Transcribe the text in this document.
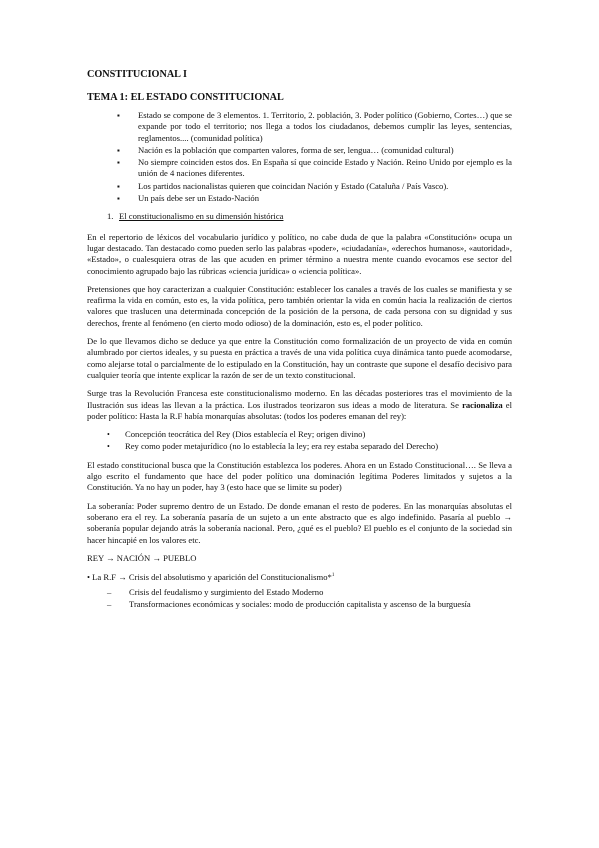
CONSTITUCIONAL I
TEMA 1: EL ESTADO CONSTITUCIONAL
▪ Estado se compone de 3 elementos. 1. Territorio, 2. población, 3. Poder político (Gobierno, Cortes…) que se expande por todo el territorio; nos llega a todos los ciudadanos, debemos cumplir las leyes, sentencias, reglamentos.... (comunidad política)
▪ Nación es la población que comparten valores, forma de ser, lengua… (comunidad cultural)
▪ No siempre coinciden estos dos. En España sí que coincide Estado y Nación. Reino Unido por ejemplo es la unión de 4 naciones diferentes.
▪ Los partidos nacionalistas quieren que coincidan Nación y Estado (Cataluña / País Vasco).
▪ Un país debe ser un Estado-Nación
1. El constitucionalismo en su dimensión histórica

En el repertorio de léxicos del vocabulario jurídico y político, no cabe duda de que la palabra «Constitución» ocupa un lugar destacado. Tan destacado como pueden serlo las palabras «poder», «ciudadanía», «derechos humanos», «autoridad», «Estado», o cualesquiera otras de las que acuden en primer término a nuestra mente cuando evocamos ese sector del conocimiento agrupado bajo las rúbricas «ciencia jurídica» o «ciencia política».

Pretensiones que hoy caracterizan a cualquier Constitución: establecer los canales a través de los cuales se manifiesta y se reafirma la vida en común, esto es, la vida política, pero también orientar la vida en común hacia la realización de ciertos valores que traslucen una determinada concepción de la posición de la persona, de cada persona con su dignidad y sus derechos, frente al fenómeno (en cierto modo odioso) de la dominación, esto es, el poder político.

De lo que llevamos dicho se deduce ya que entre la Constitución como formalización de un proyecto de vida en común alumbrado por ciertos ideales, y su puesta en práctica a través de una vida política cuya dinámica tanto puede acomodarse, como alejarse total o parcialmente de lo estipulado en la Constitución, hay un contraste que supone el desafío decisivo para cualquier teoría que intente explicar la razón de ser de un texto constitucional.

Surge tras la Revolución Francesa este constitucionalismo moderno. En las décadas posteriores tras el movimiento de la Ilustración sus ideas las llevan a la práctica. Los ilustrados teorizaron sus ideas a modo de literatura. Se racionaliza el poder político: Hasta la R.F había monarquías absolutas: (todos los poderes emanan del rey):

• Concepción teocrática del Rey (Dios establecía el Rey; origen divino)
• Rey como poder metajurídico (no lo establecía la ley; era rey estaba separado del Derecho)

El estado constitucional busca que la Constitución establezca los poderes. Ahora en un Estado Constitucional…. Se lleva a algo escrito el fundamento que hace del poder político una dominación legítima Poderes limitados y sujetos a la Constitución. Ya no hay un poder, hay 3 (esto hace que se limite su poder)

La soberanía: Poder supremo dentro de un Estado. De donde emanan el resto de poderes. En las monarquías absolutas el soberano era el rey. La soberanía pasaría de un sujeto a un ente abstracto que es algo indefinido. Pasaría al pueblo → soberanía popular dejando atrás la soberanía nacional. Pero, ¿qué es el pueblo? El pueblo es el conjunto de la sociedad sin hacer hincapié en los valores etc.

REY → NACIÓN → PUEBLO

• La R.F → Crisis del absolutismo y aparición del Constitucionalismo*$^1$

– Crisis del feudalismo y surgimiento del Estado Moderno
– Transformaciones económicas y sociales: modo de producción capitalista y ascenso de la burguesía
